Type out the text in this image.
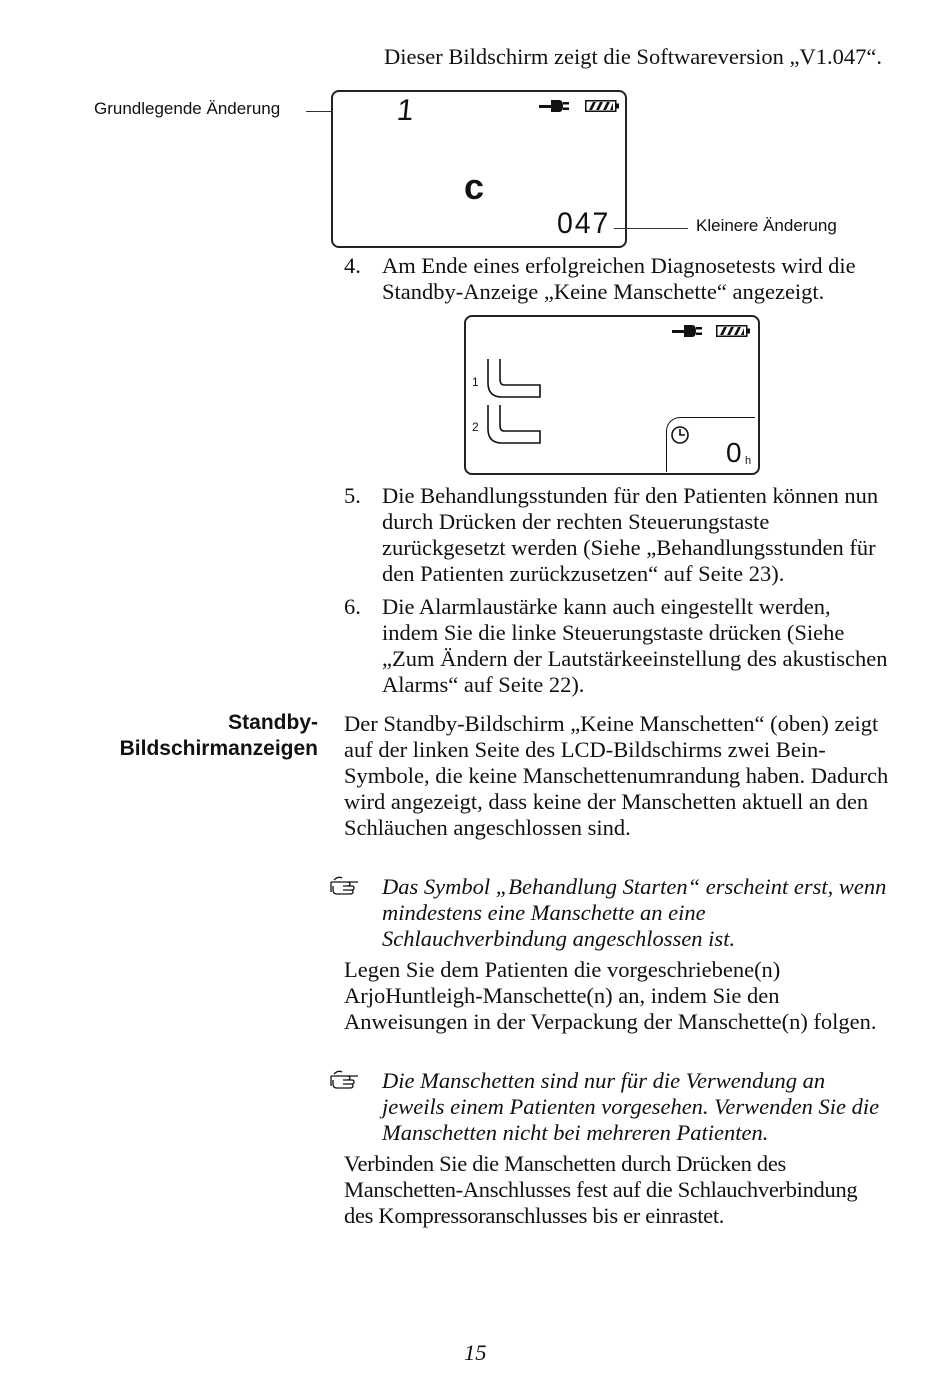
Dieser Bildschirm zeigt die Softwareversion „V1.047“.
Grundlegende Änderung	1
c
047	Kleinere Änderung
4. Am Ende eines erfolgreichen Diagnosetests wird die Standby-Anzeige „Keine Manschette“ angezeigt.
1
2
0 h
5. Die Behandlungsstunden für den Patienten können nun durch Drücken der rechten Steuerungstaste zurückgesetzt werden (Siehe „Behandlungsstunden für den Patienten zurückzusetzen“ auf Seite 23).
6. Die Alarmlaustärke kann auch eingestellt werden, indem Sie die linke Steuerungstaste drücken (Siehe „Zum Ändern der Lautstärkeeinstellung des akustischen Alarms“ auf Seite 22).
Standby-
Bildschirmanzeigen
Der Standby-Bildschirm „Keine Manschetten“ (oben) zeigt auf der linken Seite des LCD-Bildschirms zwei Bein-Symbole, die keine Manschettenumrandung haben. Dadurch wird angezeigt, dass keine der Manschetten aktuell an den Schläuchen angeschlossen sind.
Das Symbol „Behandlung Starten“ erscheint erst, wenn mindestens eine Manschette an eine Schlauchverbindung angeschlossen ist.
Legen Sie dem Patienten die vorgeschriebene(n) ArjoHuntleigh-Manschette(n) an, indem Sie den Anweisungen in der Verpackung der Manschette(n) folgen.
Die Manschetten sind nur für die Verwendung an jeweils einem Patienten vorgesehen. Verwenden Sie die Manschetten nicht bei mehreren Patienten.
Verbinden Sie die Manschetten durch Drücken des Manschetten-Anschlusses fest auf die Schlauchverbindung des Kompressoranschlusses bis er einrastet.
15
